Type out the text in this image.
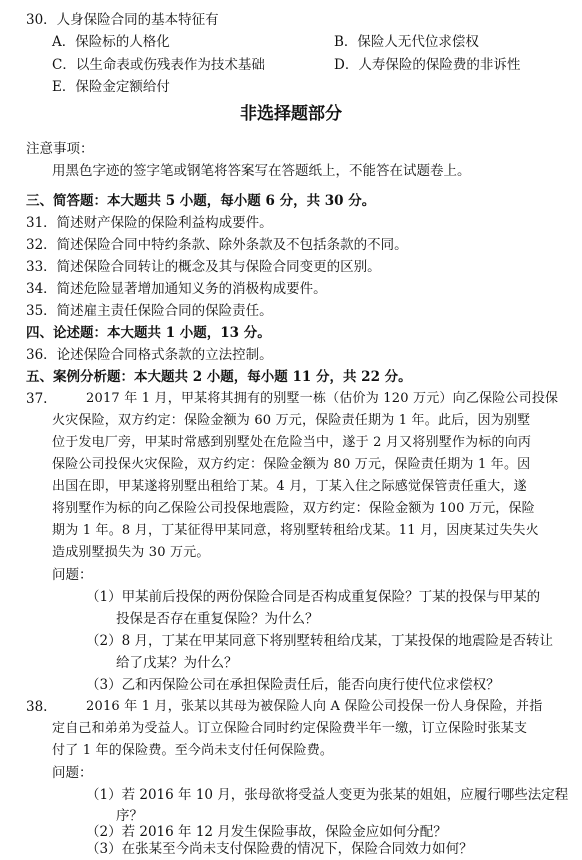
30．人身保险合同的基本特征有
A．保险标的人格化	B．保险人无代位求偿权
C．以生命表或伤残表作为技术基础	D．人寿保险的保险费的非诉性
E．保险金定额给付
非选择题部分
注意事项：
用黑色字迹的签字笔或钢笔将答案写在答题纸上，不能答在试题卷上。
三、简答题：本大题共 5 小题，每小题 6 分，共 30 分。
31．简述财产保险的保险利益构成要件。
32．简述保险合同中特约条款、除外条款及不包括条款的不同。
33．简述保险合同转让的概念及其与保险合同变更的区别。
34．简述危险显著增加通知义务的消极构成要件。
35．简述雇主责任保险合同的保险责任。
四、论述题：本大题共 1 小题，13 分。
36．论述保险合同格式条款的立法控制。
五、案例分析题：本大题共 2 小题，每小题 11 分，共 22 分。
37.	2017 年 1 月，甲某将其拥有的别墅一栋（估价为 120 万元）向乙保险公司投保
火灾保险，双方约定：保险金额为 60 万元，保险责任期为 1 年。此后，因为别墅
位于发电厂旁，甲某时常感到别墅处在危险当中，遂于 2 月又将别墅作为标的向丙
保险公司投保火灾保险，双方约定：保险金额为 80 万元，保险责任期为 1 年。因
出国在即，甲某遂将别墅出租给丁某。4 月，丁某入住之际感觉保管责任重大，遂
将别墅作为标的向乙保险公司投保地震险，双方约定：保险金额为 100 万元，保险
期为 1 年。8 月，丁某征得甲某同意，将别墅转租给戊某。11 月，因庚某过失失火
造成别墅损失为 30 万元。
问题：
（1）甲某前后投保的两份保险合同是否构成重复保险？丁某的投保与甲某的
投保是否存在重复保险？为什么？
（2）8 月，丁某在甲某同意下将别墅转租给戊某，丁某投保的地震险是否转让
给了戊某？为什么？
（3）乙和丙保险公司在承担保险责任后，能否向庚行使代位求偿权？
38.	2016 年 1 月，张某以其母为被保险人向 A 保险公司投保一份人身保险，并指
定自己和弟弟为受益人。订立保险合同时约定保险费半年一缴，订立保险时张某支
付了 1 年的保险费。至今尚未支付任何保险费。
问题：
（1）若 2016 年 10 月，张母欲将受益人变更为张某的姐姐，应履行哪些法定程
序？
（2）若 2016 年 12 月发生保险事故，保险金应如何分配？
（3）在张某至今尚未支付保险费的情况下，保险合同效力如何？
